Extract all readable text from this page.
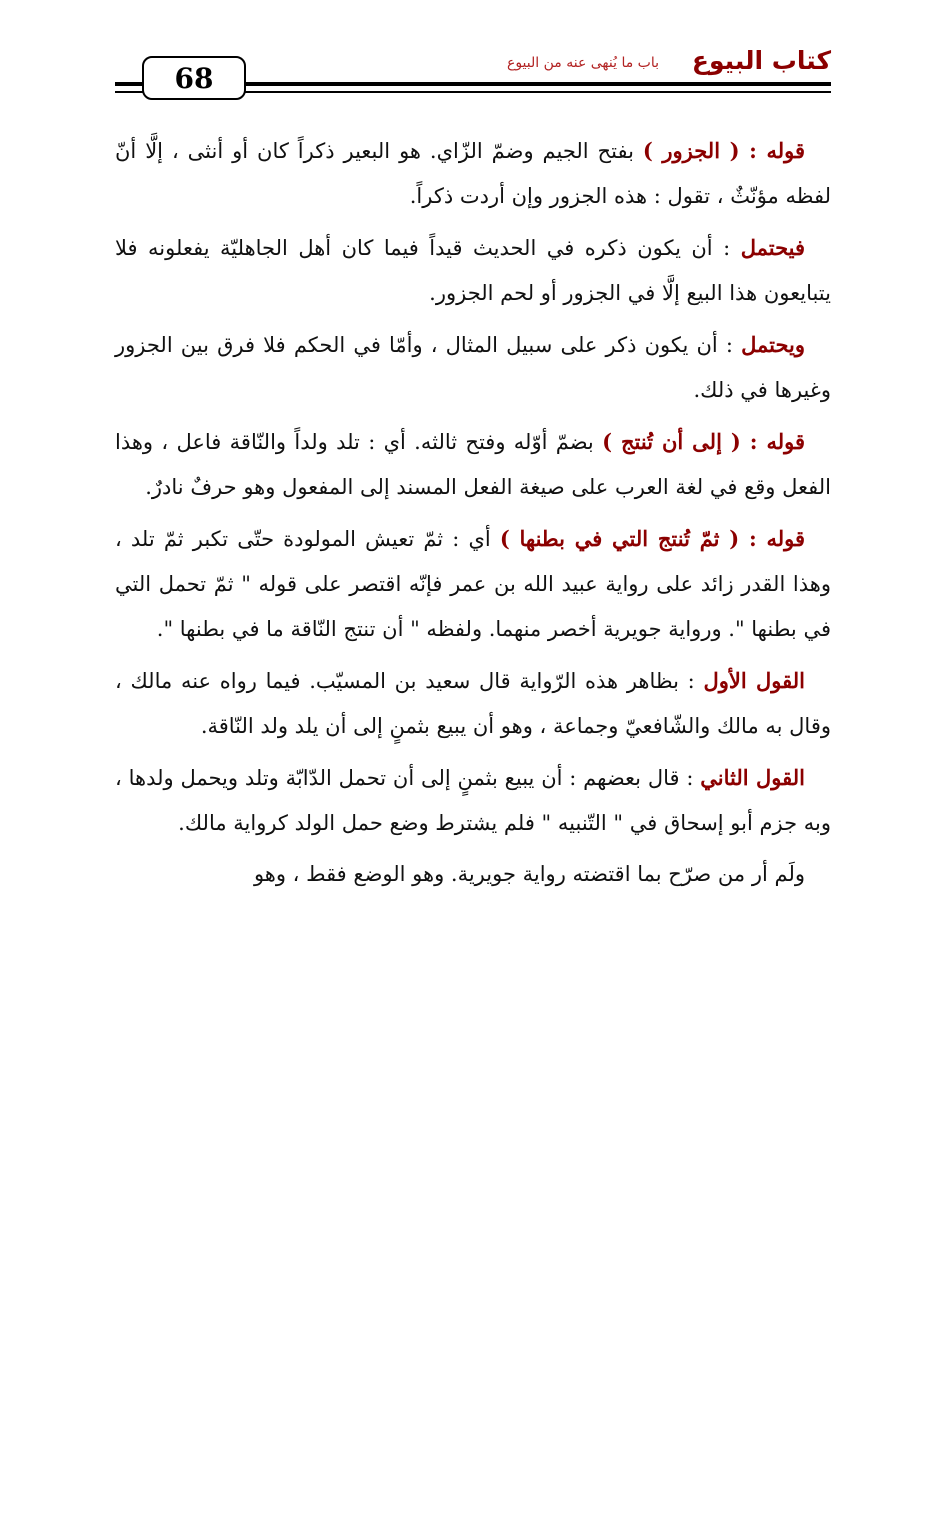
68
كتاب البيوع
باب ما يُنهى عنه من البيوع

قوله : ( الجزور ) بفتح الجيم وضمّ الزّاي. هو البعير ذكراً كان أو أنثى ، إلَّا أنّ لفظه مؤنّثٌ ، تقول : هذه الجزور وإن أردت ذكراً.

فيحتمل : أن يكون ذكره في الحديث قيداً فيما كان أهل الجاهليّة يفعلونه فلا يتبايعون هذا البيع إلَّا في الجزور أو لحم الجزور.

ويحتمل : أن يكون ذكر على سبيل المثال ، وأمّا في الحكم فلا فرق بين الجزور وغيرها في ذلك.

قوله : ( إلى أن تُنتج ) بضمّ أوّله وفتح ثالثه. أي : تلد ولداً والنّاقة فاعل ، وهذا الفعل وقع في لغة العرب على صيغة الفعل المسند إلى المفعول وهو حرفٌ نادرٌ.

قوله : ( ثمّ تُنتج التي في بطنها ) أي : ثمّ تعيش المولودة حتّى تكبر ثمّ تلد ، وهذا القدر زائد على رواية عبيد الله بن عمر فإنّه اقتصر على قوله " ثمّ تحمل التي في بطنها ". ورواية جويرية أخصر منهما. ولفظه " أن تنتج النّاقة ما في بطنها ".

القول الأول : بظاهر هذه الرّواية قال سعيد بن المسيّب. فيما رواه عنه مالك ، وقال به مالك والشّافعيّ وجماعة ، وهو أن يبيع بثمنٍ إلى أن يلد ولد النّاقة.

القول الثاني : قال بعضهم : أن يبيع بثمنٍ إلى أن تحمل الدّابّة وتلد ويحمل ولدها ، وبه جزم أبو إسحاق في " التّنبيه " فلم يشترط وضع حمل الولد كرواية مالك.

ولَم أر من صرّح بما اقتضته رواية جويرية. وهو الوضع فقط ، وهو
